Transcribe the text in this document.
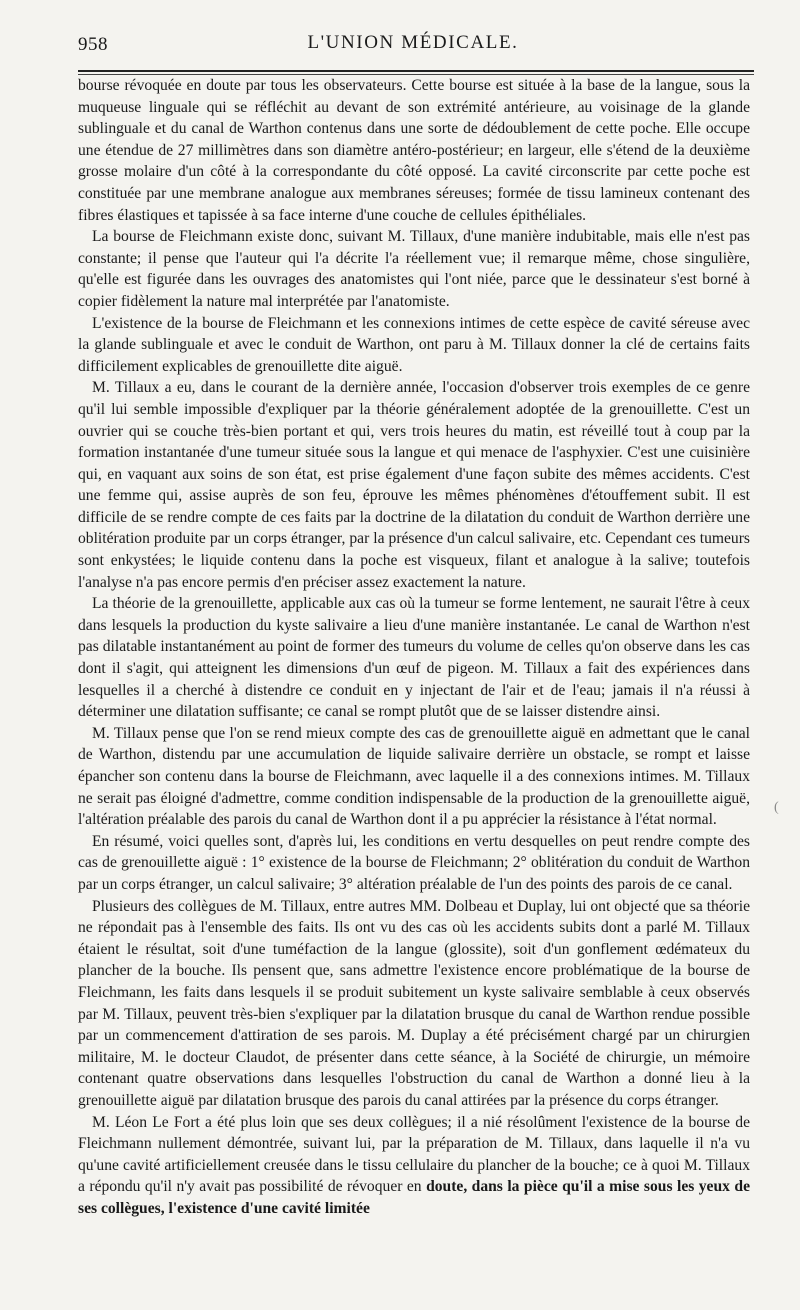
958	L'UNION MÉDICALE.

bourse révoquée en doute par tous les observateurs. Cette bourse est située à la base de la langue, sous la muqueuse linguale qui se réfléchit au devant de son extrémité antérieure, au voisinage de la glande sublinguale et du canal de Warthon contenus dans une sorte de dédoublement de cette poche. Elle occupe une étendue de 27 millimètres dans son diamètre antéro-postérieur; en largeur, elle s'étend de la deuxième grosse molaire d'un côté à la correspondante du côté opposé. La cavité circonscrite par cette poche est constituée par une membrane analogue aux membranes séreuses; formée de tissu lamineux contenant des fibres élastiques et tapissée à sa face interne d'une couche de cellules épithéliales.

La bourse de Fleichmann existe donc, suivant M. Tillaux, d'une manière indubitable, mais elle n'est pas constante; il pense que l'auteur qui l'a décrite l'a réellement vue; il remarque même, chose singulière, qu'elle est figurée dans les ouvrages des anatomistes qui l'ont niée, parce que le dessinateur s'est borné à copier fidèlement la nature mal interprétée par l'anatomiste.

L'existence de la bourse de Fleichmann et les connexions intimes de cette espèce de cavité séreuse avec la glande sublinguale et avec le conduit de Warthon, ont paru à M. Tillaux donner la clé de certains faits difficilement explicables de grenouillette dite aiguë.

M. Tillaux a eu, dans le courant de la dernière année, l'occasion d'observer trois exemples de ce genre qu'il lui semble impossible d'expliquer par la théorie généralement adoptée de la grenouillette. C'est un ouvrier qui se couche très-bien portant et qui, vers trois heures du matin, est réveillé tout à coup par la formation instantanée d'une tumeur située sous la langue et qui menace de l'asphyxier. C'est une cuisinière qui, en vaquant aux soins de son état, est prise également d'une façon subite des mêmes accidents. C'est une femme qui, assise auprès de son feu, éprouve les mêmes phénomènes d'étouffement subit. Il est difficile de se rendre compte de ces faits par la doctrine de la dilatation du conduit de Warthon derrière une oblitération produite par un corps étranger, par la présence d'un calcul salivaire, etc. Cependant ces tumeurs sont enkystées; le liquide contenu dans la poche est visqueux, filant et analogue à la salive; toutefois l'analyse n'a pas encore permis d'en préciser assez exactement la nature.

La théorie de la grenouillette, applicable aux cas où la tumeur se forme lentement, ne saurait l'être à ceux dans lesquels la production du kyste salivaire a lieu d'une manière instantanée. Le canal de Warthon n'est pas dilatable instantanément au point de former des tumeurs du volume de celles qu'on observe dans les cas dont il s'agit, qui atteignent les dimensions d'un œuf de pigeon. M. Tillaux a fait des expériences dans lesquelles il a cherché à distendre ce conduit en y injectant de l'air et de l'eau; jamais il n'a réussi à déterminer une dilatation suffisante; ce canal se rompt plutôt que de se laisser distendre ainsi.

M. Tillaux pense que l'on se rend mieux compte des cas de grenouillette aiguë en admettant que le canal de Warthon, distendu par une accumulation de liquide salivaire derrière un obstacle, se rompt et laisse épancher son contenu dans la bourse de Fleichmann, avec laquelle il a des connexions intimes. M. Tillaux ne serait pas éloigné d'admettre, comme condition indispensable de la production de la grenouillette aiguë, l'altération préalable des parois du canal de Warthon dont il a pu apprécier la résistance à l'état normal.

En résumé, voici quelles sont, d'après lui, les conditions en vertu desquelles on peut rendre compte des cas de grenouillette aiguë : 1° existence de la bourse de Fleichmann; 2° oblitération du conduit de Warthon par un corps étranger, un calcul salivaire; 3° altération préalable de l'un des points des parois de ce canal.

Plusieurs des collègues de M. Tillaux, entre autres MM. Dolbeau et Duplay, lui ont objecté que sa théorie ne répondait pas à l'ensemble des faits. Ils ont vu des cas où les accidents subits dont a parlé M. Tillaux étaient le résultat, soit d'une tuméfaction de la langue (glossite), soit d'un gonflement œdémateux du plancher de la bouche. Ils pensent que, sans admettre l'existence encore problématique de la bourse de Fleichmann, les faits dans lesquels il se produit subitement un kyste salivaire semblable à ceux observés par M. Tillaux, peuvent très-bien s'expliquer par la dilatation brusque du canal de Warthon rendue possible par un commencement d'attiration de ses parois. M. Duplay a été précisément chargé par un chirurgien militaire, M. le docteur Claudot, de présenter dans cette séance, à la Société de chirurgie, un mémoire contenant quatre observations dans lesquelles l'obstruction du canal de Warthon a donné lieu à la grenouillette aiguë par dilatation brusque des parois du canal attirées par la présence du corps étranger.

M. Léon Le Fort a été plus loin que ses deux collègues; il a nié résolûment l'existence de la bourse de Fleichmann nullement démontrée, suivant lui, par la préparation de M. Tillaux, dans laquelle il n'a vu qu'une cavité artificiellement creusée dans le tissu cellulaire du plancher de la bouche; ce à quoi M. Tillaux a répondu qu'il n'y avait pas possibilité de révoquer en doute, dans la pièce qu'il a mise sous les yeux de ses collègues, l'existence d'une cavité limitée

(
